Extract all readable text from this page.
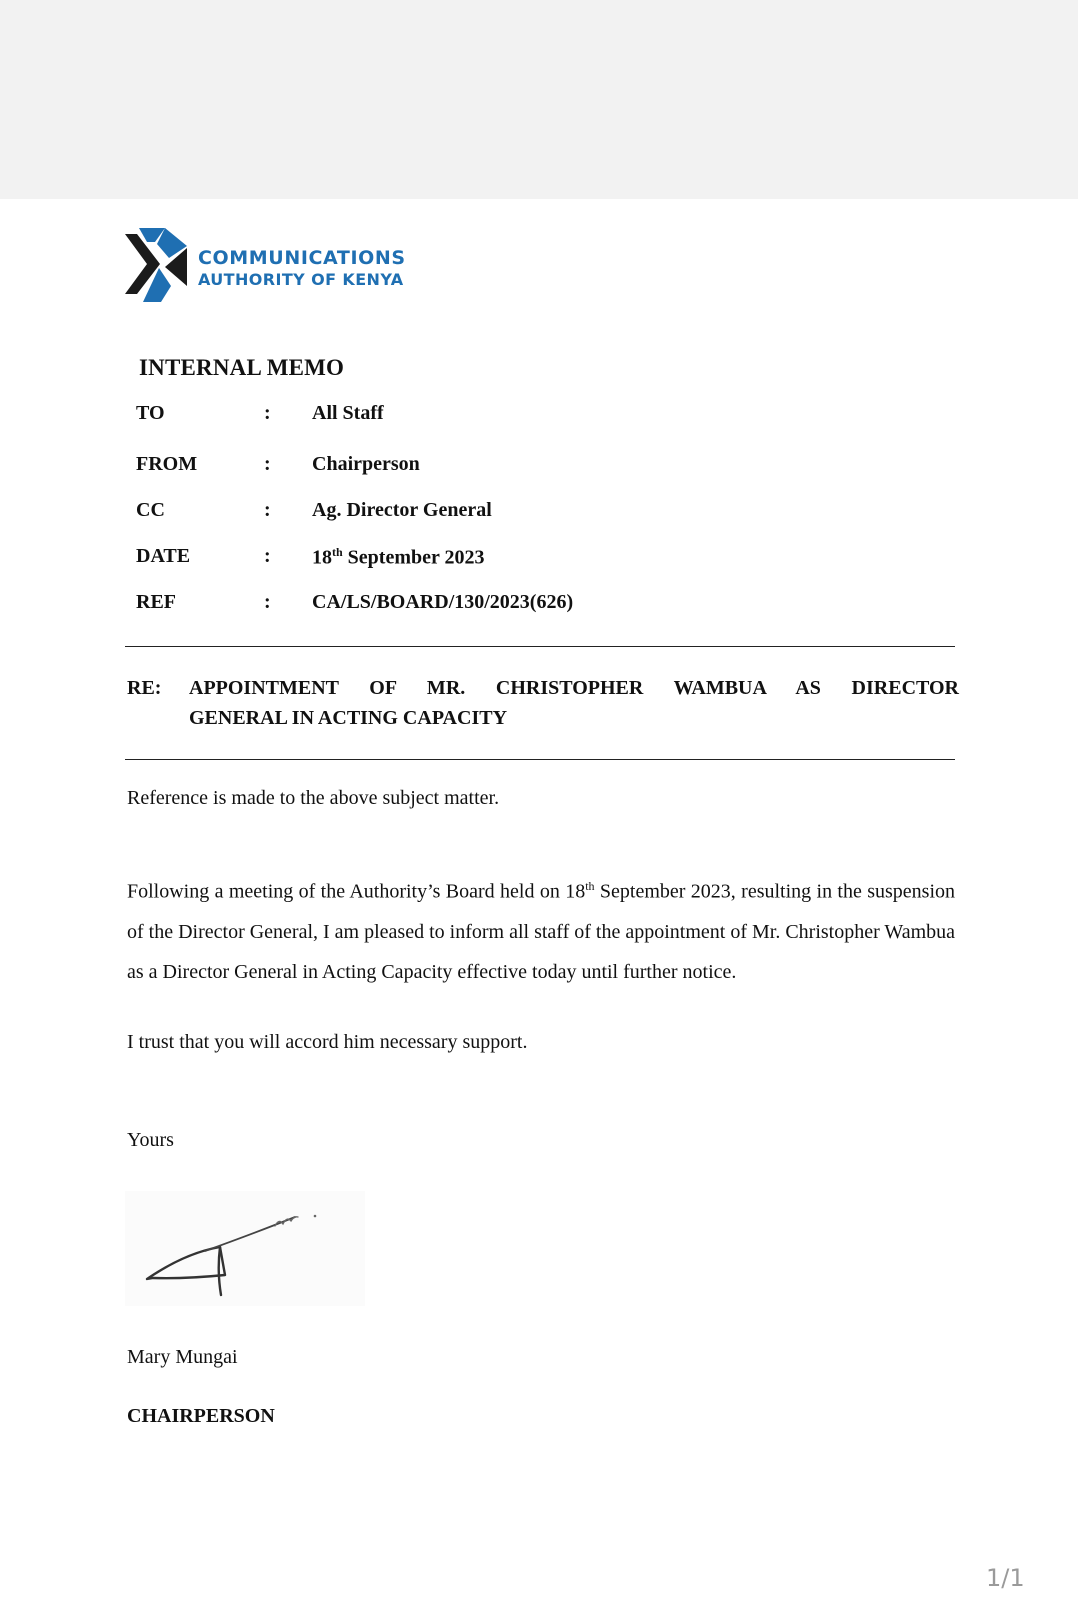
COMMUNICATIONS
AUTHORITY OF KENYA
INTERNAL MEMO
TO	: All Staff
FROM	: Chairperson
CC	: Ag. Director General
DATE	: 18th September 2023
REF	: CA/LS/BOARD/130/2023(626)
RE: APPOINTMENT OF MR. CHRISTOPHER WAMBUA AS DIRECTOR
GENERAL IN ACTING CAPACITY
Reference is made to the above subject matter.
Following a meeting of the Authority’s Board held on 18th September 2023, resulting in the suspension of the Director General, I am pleased to inform all staff of the appointment of Mr. Christopher Wambua as a Director General in Acting Capacity effective today until further notice.
I trust that you will accord him necessary support.
Yours
Mary Mungai
CHAIRPERSON
1/1
